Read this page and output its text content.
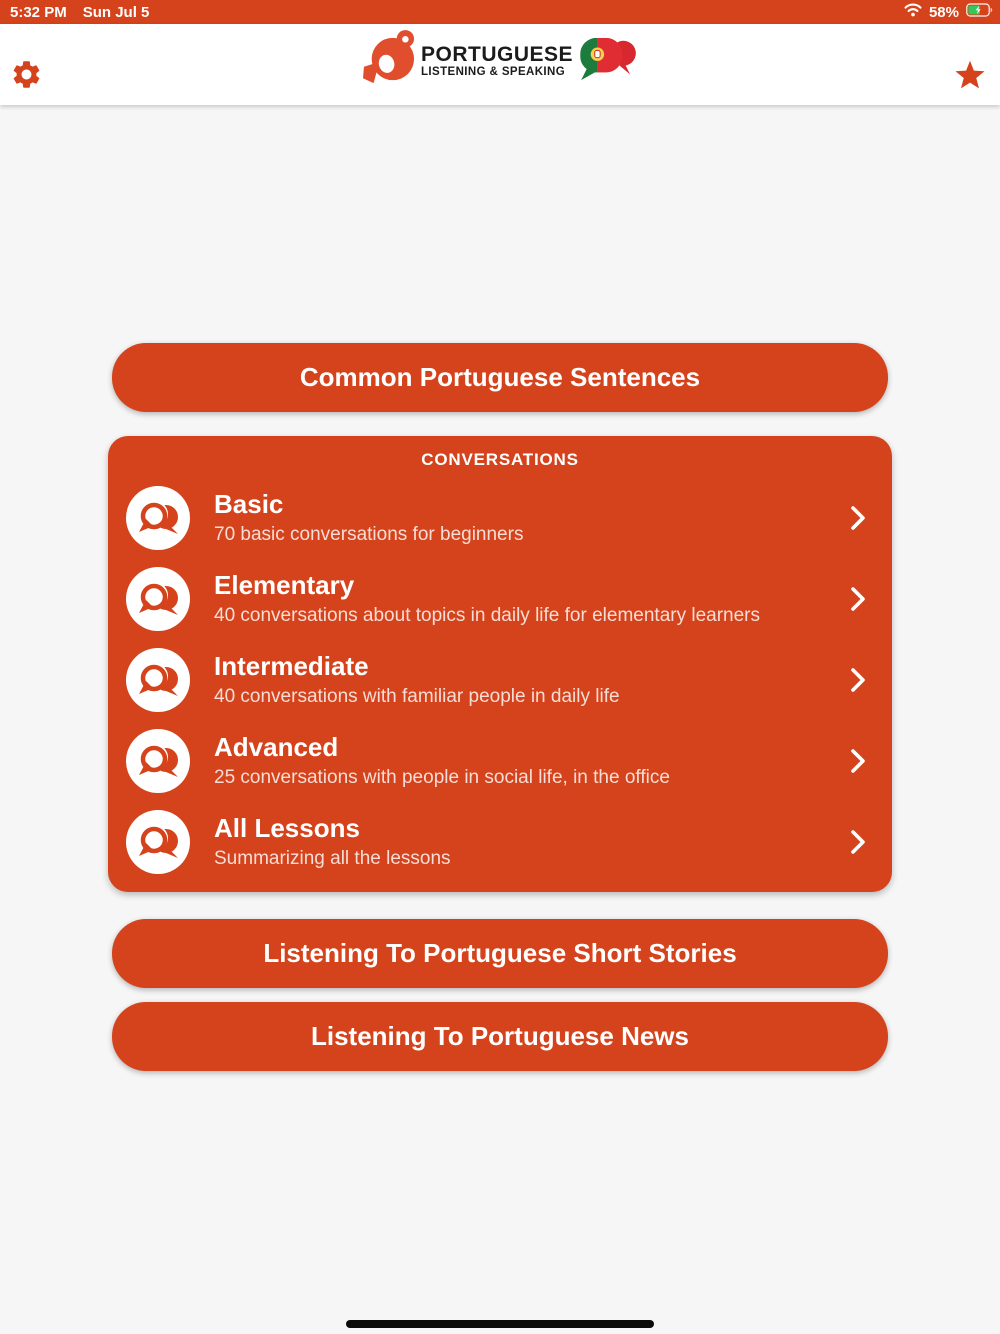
5:32 PM Sun Jul 5	58%
PORTUGUESE
LISTENING & SPEAKING
Common Portuguese Sentences
CONVERSATIONS
Basic
70 basic conversations for beginners
Elementary
40 conversations about topics in daily life for elementary learners
Intermediate
40 conversations with familiar people in daily life
Advanced
25 conversations with people in social life, in the office
All Lessons
Summarizing all the lessons
Listening To Portuguese Short Stories
Listening To Portuguese News
